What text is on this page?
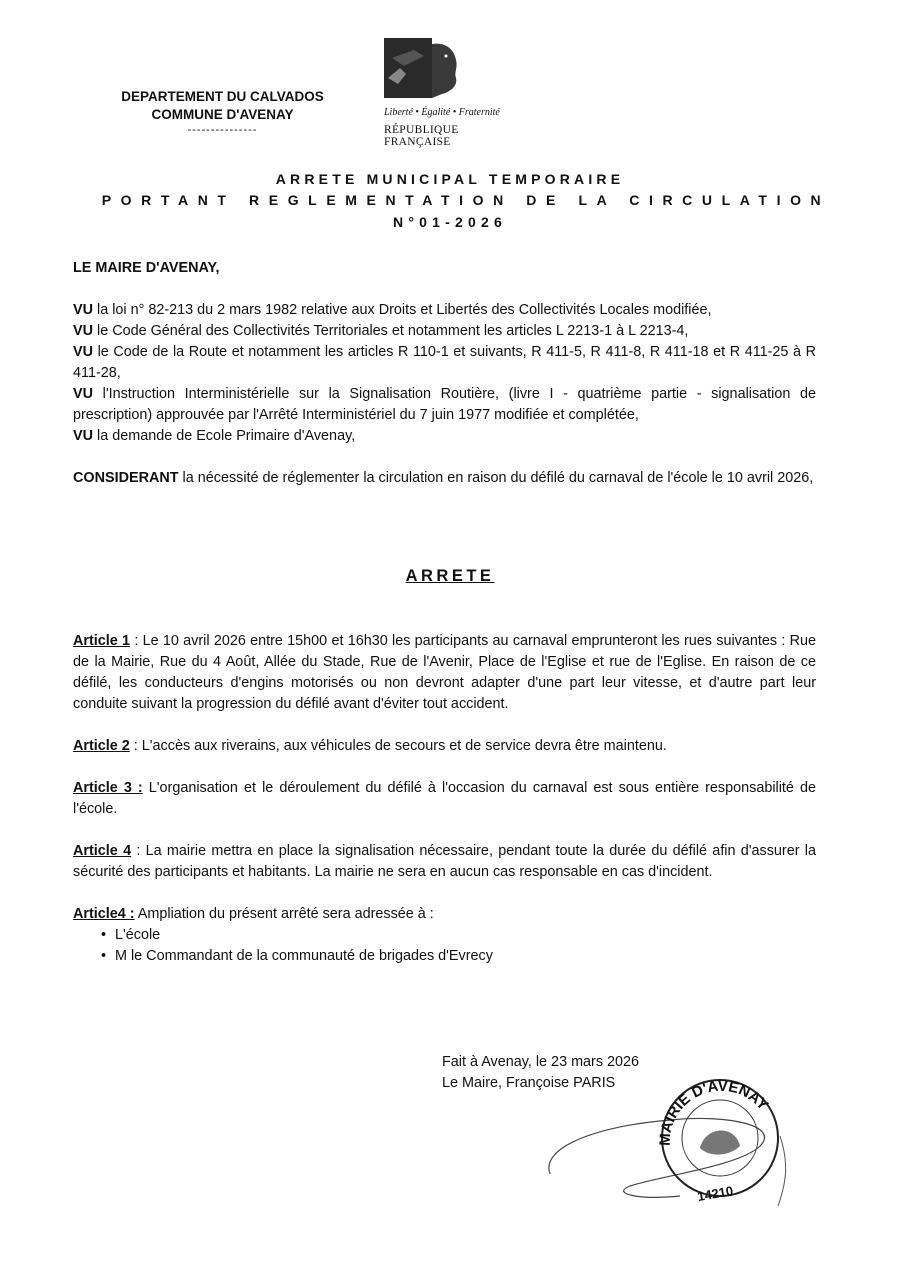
DEPARTEMENT DU CALVADOS
COMMUNE D'AVENAY
---------------
Liberté • Égalité • Fraternité
RÉPUBLIQUE FRANÇAISE
ARRETE MUNICIPAL TEMPORAIRE
PORTANT REGLEMENTATION DE LA CIRCULATION
N°01-2026

LE MAIRE D'AVENAY,

VU la loi n° 82-213 du 2 mars 1982 relative aux Droits et Libertés des Collectivités Locales modifiée,

VU le Code Général des Collectivités Territoriales et notamment les articles L 2213-1 à L 2213-4,

VU le Code de la Route et notamment les articles R 110-1 et suivants, R 411-5, R 411-8, R 411-18 et R 411-25 à R 411-28,

VU l'Instruction Interministérielle sur la Signalisation Routière, (livre I - quatrième partie - signalisation de prescription) approuvée par l'Arrêté Interministériel du 7 juin 1977 modifiée et complétée,

VU la demande de Ecole Primaire d'Avenay,

CONSIDERANT la nécessité de réglementer la circulation en raison du défilé du carnaval de l'école le 10 avril 2026,

ARRETE

Article 1 : Le 10 avril 2026 entre 15h00 et 16h30 les participants au carnaval emprunteront les rues suivantes : Rue de la Mairie, Rue du 4 Août, Allée du Stade, Rue de l'Avenir, Place de l'Eglise et rue de l'Eglise. En raison de ce défilé, les conducteurs d'engins motorisés ou non devront adapter d'une part leur vitesse, et d'autre part leur conduite suivant la progression du défilé avant d'éviter tout accident.

Article 2 : L'accès aux riverains, aux véhicules de secours et de service devra être maintenu.

Article 3 : L'organisation et le déroulement du défilé à l'occasion du carnaval est sous entière responsabilité de l'école.

Article 4 : La mairie mettra en place la signalisation nécessaire, pendant toute la durée du défilé afin d'assurer la sécurité des participants et habitants. La mairie ne sera en aucun cas responsable en cas d'incident.

Article4 : Ampliation du présent arrêté sera adressée à :

• L'école
• M le Commandant de la communauté de brigades d'Evrecy
Fait à Avenay, le 23 mars 2026
Le Maire, Françoise PARIS
MAIRIE D'AVENAY
14210
